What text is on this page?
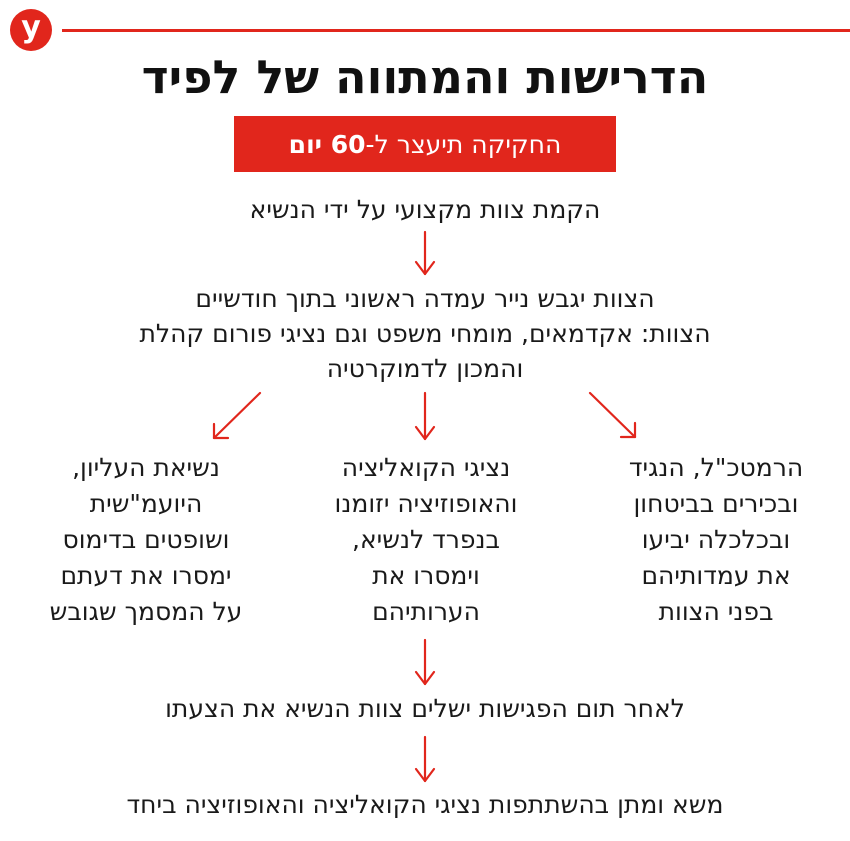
y
הדרישות והמתווה של לפיד
החקיקה תיעצר ל-
60 יום
הקמת צוות מקצועי על ידי הנשיא
הצוות יגבש נייר עמדה ראשוני בתוך חודשיים
הצוות: אקדמאים, מומחי משפט וגם נציגי פורום קהלת
והמכון לדמוקרטיה
הרמטכ"ל, הנגיד
ובכירים בביטחון
ובכלכלה יביעו
את עמדותיהם
בפני הצוות
נציגי הקואליציה
והאופוזיציה יזומנו
בנפרד לנשיא,
וימסרו את
הערותיהם
נשיאת העליון,
היועמ"שית
ושופטים בדימוס
ימסרו את דעתם
על המסמך שגובש
לאחר תום הפגישות ישלים צוות הנשיא את הצעתו
משא ומתן בהשתתפות נציגי הקואליציה והאופוזיציה ביחד
